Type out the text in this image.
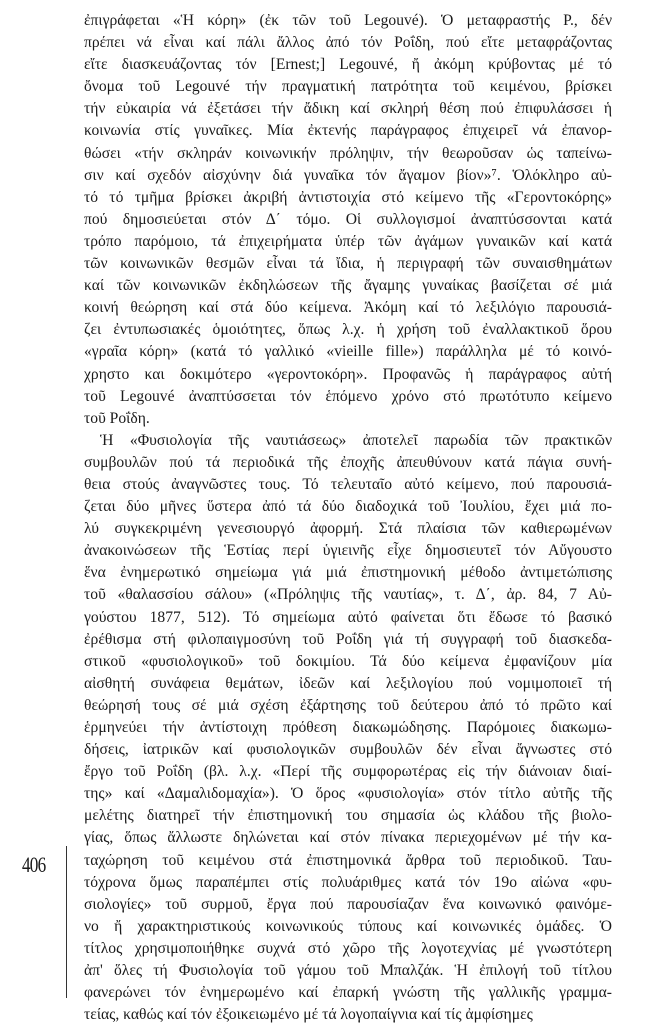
ἐπιγράφεται «Ἡ κόρη» (ἐκ τῶν τοῦ Legouvé). Ὁ μεταφραστής Ρ., δέν
πρέπει νά εἶναι καί πάλι ἄλλος ἀπό τόν Ροΐδη, πού εἴτε μεταφράζοντας
εἴτε διασκευάζοντας τόν [Ernest;] Legouvé, ἤ ἀκόμη κρύβοντας μέ τό
ὄνομα τοῦ Legouvé τήν πραγματική πατρότητα τοῦ κειμένου, βρίσκει
τήν εὐκαιρία νά ἐξετάσει τήν ἄδικη καί σκληρή θέση πού ἐπιφυλάσσει ἡ
κοινωνία στίς γυναῖκες. Μία ἐκτενής παράγραφος ἐπιχειρεῖ νά ἐπανορ-
θώσει «τήν σκληράν κοινωνικήν πρόληψιν, τήν θεωροῦσαν ὡς ταπείνω-
σιν καί σχεδόν αἰσχύνην διά γυναῖκα τόν ἄγαμον βίον»⁷. Ὁλόκληρο αὐ-
τό τό τμῆμα βρίσκει ἀκριβή ἀντιστοιχία στό κείμενο τῆς «Γεροντοκόρης»
πού δημοσιεύεται στόν Δ΄ τόμο. Οἱ συλλογισμοί ἀναπτύσσονται κατά
τρόπο παρόμοιο, τά ἐπιχειρήματα ὑπέρ τῶν ἀγάμων γυναικῶν καί κατά
τῶν κοινωνικῶν θεσμῶν εἶναι τά ἴδια, ἡ περιγραφή τῶν συναισθημάτων
καί τῶν κοινωνικῶν ἐκδηλώσεων τῆς ἄγαμης γυναίκας βασίζεται σέ μιά
κοινή θεώρηση καί στά δύο κείμενα. Ἀκόμη καί τό λεξιλόγιο παρουσιά-
ζει ἐντυπωσιακές ὁμοιότητες, ὅπως λ.χ. ἡ χρήση τοῦ ἐναλλακτικοῦ ὅρου
«γραῖα κόρη» (κατά τό γαλλικό «vieille fille») παράλληλα μέ τό κοινό-
χρηστο και δοκιμότερο «γεροντοκόρη». Προφανῶς ἡ παράγραφος αὐτή
τοῦ Legouvé ἀναπτύσσεται τόν ἑπόμενο χρόνο στό πρωτότυπο κείμενο
τοῦ Ροΐδη.

Ἡ «Φυσιολογία τῆς ναυτιάσεως» ἀποτελεῖ παρωδία τῶν πρακτικῶν
συμβουλῶν πού τά περιοδικά τῆς ἐποχῆς ἀπευθύνουν κατά πάγια συνή-
θεια στούς ἀναγνῶστες τους. Τό τελευταῖο αὐτό κείμενο, πού παρουσιά-
ζεται δύο μῆνες ὕστερα ἀπό τά δύο διαδοχικά τοῦ Ἰουλίου, ἔχει μιά πο-
λύ συγκεκριμένη γενεσιουργό ἀφορμή. Στά πλαίσια τῶν καθιερωμένων
ἀνακοινώσεων τῆς Ἑστίας περί ὑγιεινῆς εἶχε δημοσιευτεῖ τόν Αὔγουστο
ἕνα ἐνημερωτικό σημείωμα γιά μιά ἐπιστημονική μέθοδο ἀντιμετώπισης
τοῦ «θαλασσίου σάλου» («Πρόληψις τῆς ναυτίας», τ. Δ΄, ἀρ. 84, 7 Αὐ-
γούστου 1877, 512). Τό σημείωμα αὐτό φαίνεται ὅτι ἔδωσε τό βασικό
ἐρέθισμα στή φιλοπαιγμοσύνη τοῦ Ροΐδη γιά τή συγγραφή τοῦ διασκεδα-
στικοῦ «φυσιολογικοῦ» τοῦ δοκιμίου. Τά δύο κείμενα ἐμφανίζουν μία
αἰσθητή συνάφεια θεμάτων, ἰδεῶν καί λεξιλογίου πού νομιμοποιεῖ τή
θεώρησή τους σέ μιά σχέση ἐξάρτησης τοῦ δεύτερου ἀπό τό πρῶτο καί
ἑρμηνεύει τήν ἀντίστοιχη πρόθεση διακωμώδησης. Παρόμοιες διακωμω-
δήσεις, ἰατρικῶν καί φυσιολογικῶν συμβουλῶν δέν εἶναι ἄγνωστες στό
ἔργο τοῦ Ροΐδη (βλ. λ.χ. «Περί τῆς συμφορωτέρας εἰς τήν διάνοιαν διαί-
της» καί «Δαμαλιδομαχία»). Ὁ ὅρος «φυσιολογία» στόν τίτλο αὐτῆς τῆς
μελέτης διατηρεῖ τήν ἐπιστημονική του σημασία ὡς κλάδου τῆς βιολο-
γίας, ὅπως ἄλλωστε δηλώνεται καί στόν πίνακα περιεχομένων μέ τήν κα-
ταχώρηση τοῦ κειμένου στά ἐπιστημονικά ἄρθρα τοῦ περιοδικοῦ. Ταυ-
τόχρονα ὅμως παραπέμπει στίς πολυάριθμες κατά τόν 19ο αἰώνα «φυ-
σιολογίες» τοῦ συρμοῦ, ἔργα πού παρουσίαζαν ἕνα κοινωνικό φαινόμε-
νο ἤ χαρακτηριστικούς κοινωνικούς τύπους καί κοινωνικές ὁμάδες. Ὁ
τίτλος χρησιμοποιήθηκε συχνά στό χῶρο τῆς λογοτεχνίας μέ γνωστότερη
ἀπ' ὅλες τή Φυσιολογία τοῦ γάμου τοῦ Μπαλζάκ. Ἡ ἐπιλογή τοῦ τίτλου
φανερώνει τόν ἐνημερωμένο καί ἐπαρκή γνώστη τῆς γαλλικῆς γραμμα-
τείας, καθώς καί τόν ἐξοικειωμένο μέ τά λογοπαίγνια καί τίς ἀμφίσημες

406
